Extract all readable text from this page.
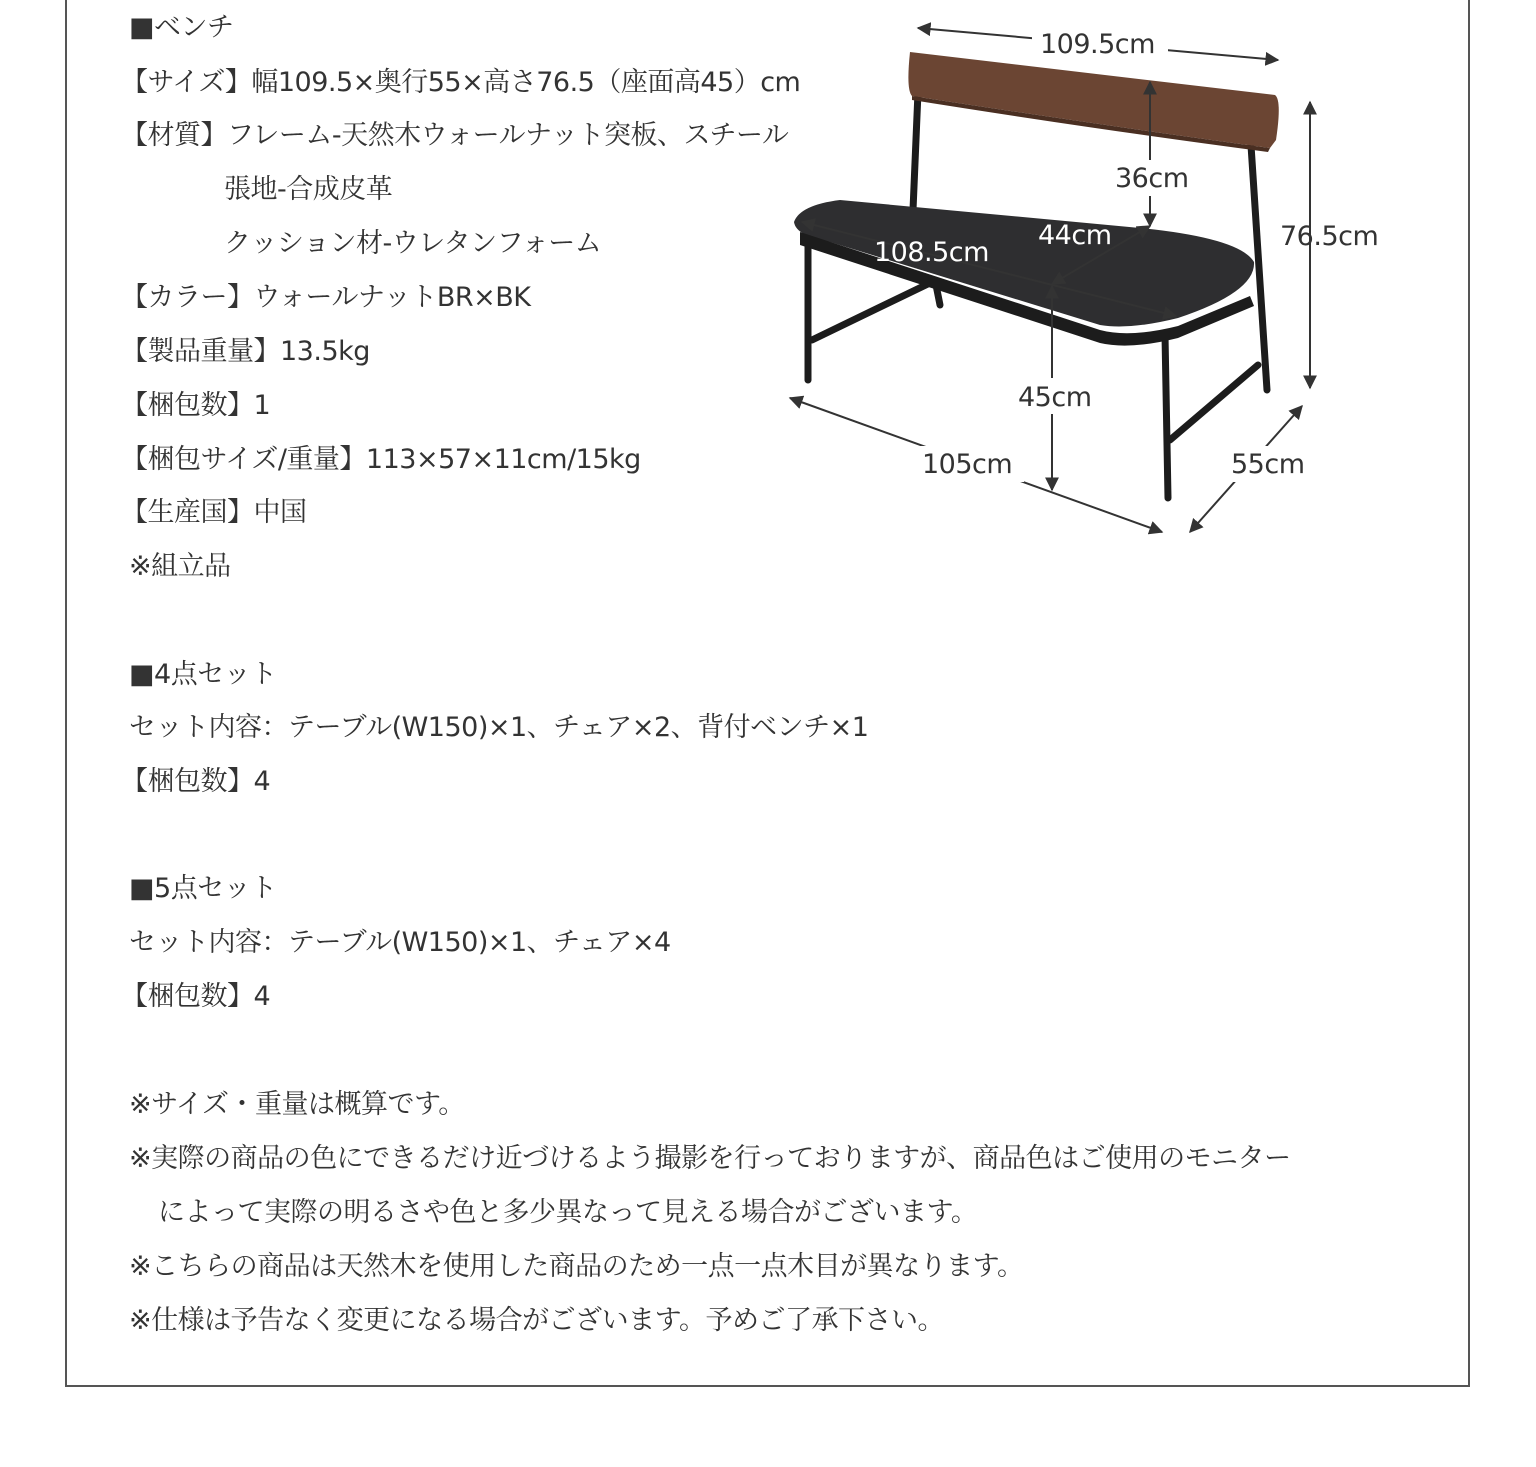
■ベンチ
【サイズ】幅109.5×奥行55×高さ76.5（座面高45）cm
【材質】フレーム-天然木ウォールナット突板、スチール
張地-合成皮革
クッション材-ウレタンフォーム
【カラー】ウォールナットBR×BK
【製品重量】13.5kg
【梱包数】1
【梱包サイズ/重量】113×57×11cm/15kg
【生産国】中国
※組立品
■4点セット
セット内容：テーブル(W150)×1、チェア×2、背付ベンチ×1
【梱包数】4
■5点セット
セット内容：テーブル(W150)×1、チェア×4
【梱包数】4
※サイズ・重量は概算です。
※実際の商品の色にできるだけ近づけるよう撮影を行っておりますが、商品色はご使用のモニター
によって実際の明るさや色と多少異なって見える場合がございます。
※こちらの商品は天然木を使用した商品のため一点一点木目が異なります。
※仕様は予告なく変更になる場合がございます。予めご了承下さい。
109.5cm
36cm
76.5cm
44cm
108.5cm
45cm
105cm	55cm
